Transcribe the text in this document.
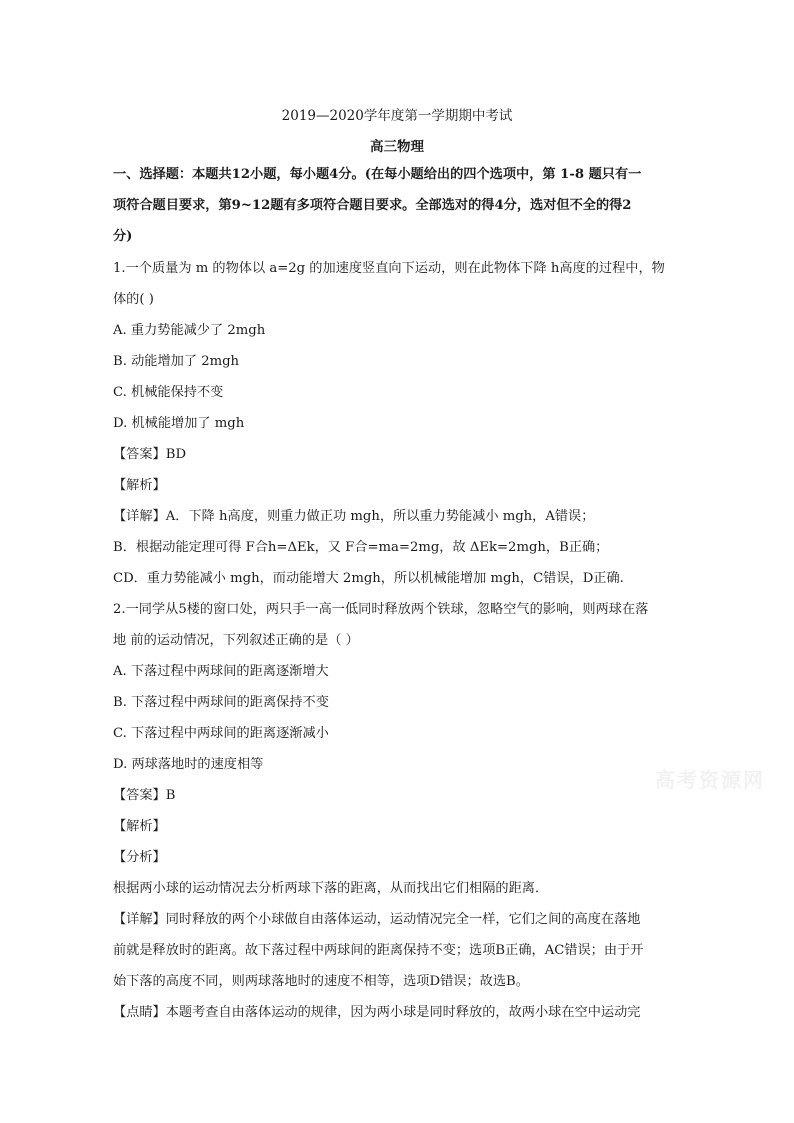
2019—2020学年度第一学期期中考试
高三物理
一、选择题：本题共12小题，每小题4分。(在每小题给出的四个选项中，第 1-8 题只有一
项符合题目要求，第9~12题有多项符合题目要求。全部选对的得4分，选对但不全的得2
分)
1.一个质量为 m 的物体以 a=2g 的加速度竖直向下运动，则在此物体下降 h高度的过程中，物
体的( )
A. 重力势能减少了 2mgh
B. 动能增加了 2mgh
C. 机械能保持不变
D. 机械能增加了 mgh
【答案】BD
【解析】
【详解】A．下降 h高度，则重力做正功 mgh，所以重力势能减小 mgh，A错误；
B．根据动能定理可得 F合h=ΔEk，又 F合=ma=2mg，故 ΔEk=2mgh，B正确；
CD．重力势能减小 mgh，而动能增大 2mgh，所以机械能增加 mgh，C错误，D正确.
2.一同学从5楼的窗口处，两只手一高一低同时释放两个铁球，忽略空气的影响，则两球在落
地 前的运动情况，下列叙述正确的是（ ）
A. 下落过程中两球间的距离逐渐增大
B. 下落过程中两球间的距离保持不变
C. 下落过程中两球间的距离逐渐减小
D. 两球落地时的速度相等
【答案】B
【解析】
【分析】
根据两小球的运动情况去分析两球下落的距离，从而找出它们相隔的距离．
【详解】同时释放的两个小球做自由落体运动，运动情况完全一样，它们之间的高度在落地
前就是释放时的距离。故下落过程中两球间的距离保持不变；选项B正确，AC错误；由于开
始下落的高度不同，则两球落地时的速度不相等，选项D错误；故选B。
【点睛】本题考查自由落体运动的规律，因为两小球是同时释放的，故两小球在空中运动完
高考资源网
